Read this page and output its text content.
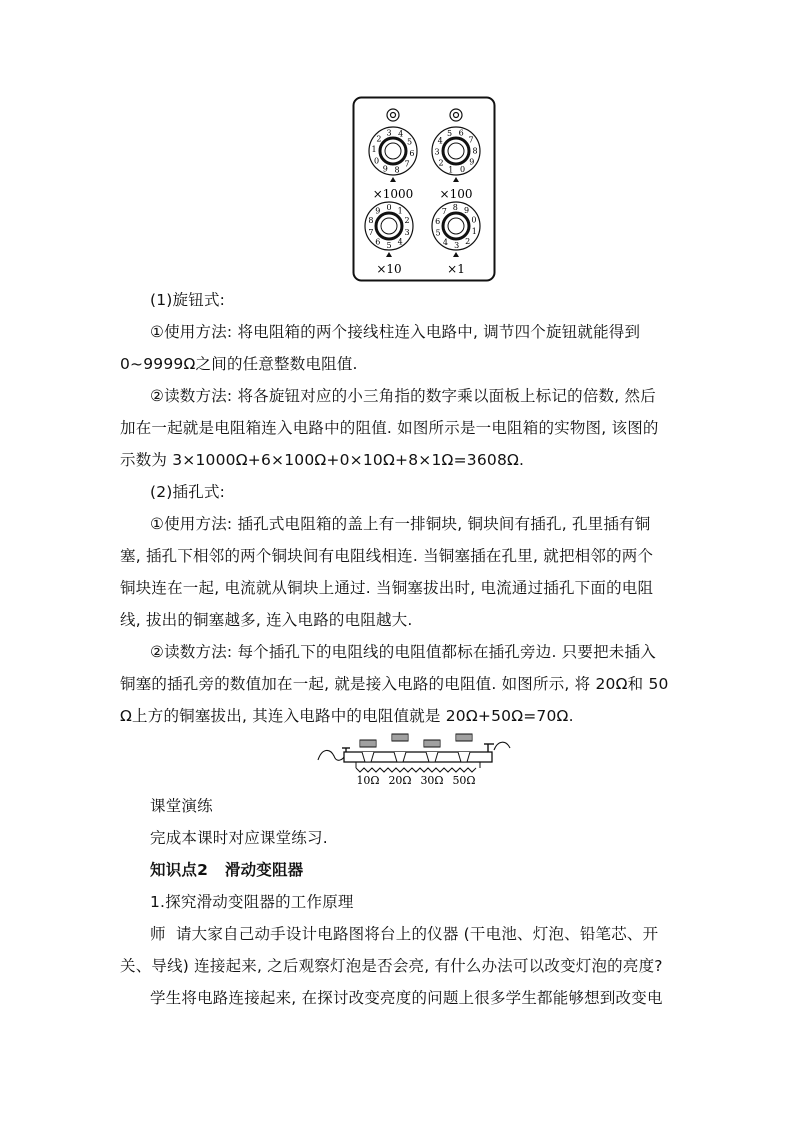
0
1
2
3 4
5
6
7
8
9	0
1
2
3
4
5 6
7
8
9
0 1
2
3
4
5
6
7
8
9
0
1
2
3
4
5
6
7 8 9
×1000 ×100
×10	×1
(1)旋钮式:
①使用方法: 将电阻箱的两个接线柱连入电路中, 调节四个旋钮就能得到
0~9999Ω之间的任意整数电阻值.
②读数方法: 将各旋钮对应的小三角指的数字乘以面板上标记的倍数, 然后
加在一起就是电阻箱连入电路中的阻值. 如图所示是一电阻箱的实物图, 该图的
示数为 3×1000Ω+6×100Ω+0×10Ω+8×1Ω=3608Ω.
(2)插孔式:
①使用方法: 插孔式电阻箱的盖上有一排铜块, 铜块间有插孔, 孔里插有铜
塞, 插孔下相邻的两个铜块间有电阻线相连. 当铜塞插在孔里, 就把相邻的两个
铜块连在一起, 电流就从铜块上通过. 当铜塞拔出时, 电流通过插孔下面的电阻
线, 拔出的铜塞越多, 连入电路的电阻越大.
②读数方法: 每个插孔下的电阻线的电阻值都标在插孔旁边. 只要把未插入
铜塞的插孔旁的数值加在一起, 就是接入电路的电阻值. 如图所示, 将 20Ω和 50
Ω上方的铜塞拔出, 其连入电路中的电阻值就是 20Ω+50Ω=70Ω.
10Ω 20Ω 30Ω 50Ω
课堂演练
完成本课时对应课堂练习.
知识点2   滑动变阻器
1.探究滑动变阻器的工作原理
师  请大家自己动手设计电路图将台上的仪器 (干电池、灯泡、铅笔芯、开
关、导线) 连接起来, 之后观察灯泡是否会亮, 有什么办法可以改变灯泡的亮度?
学生将电路连接起来, 在探讨改变亮度的问题上很多学生都能够想到改变电
